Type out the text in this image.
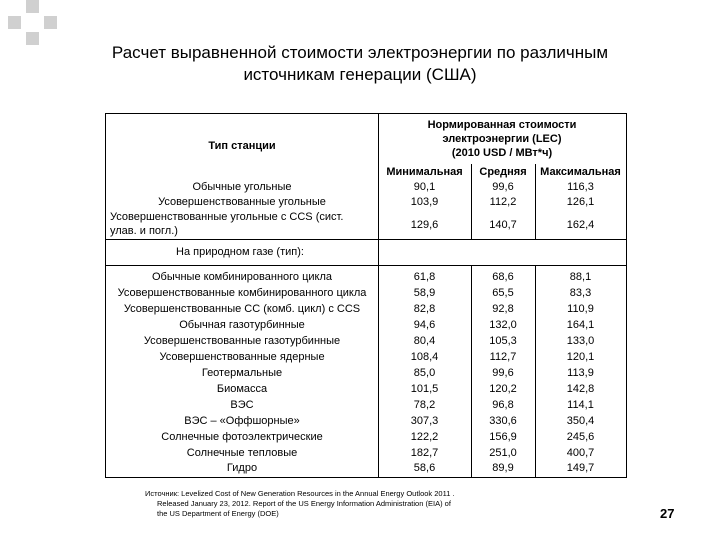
Расчет выравненной стоимости электроэнергии по различным
источникам генерации (США)
Тип станции
Нормированная стоимости
электроэнергии (LEC)
(2010 USD / МВт*ч)
Минимальная	Средняя	Максимальная
Обычные угольные	90,1	99,6	116,3
Усовершенствованные угольные	103,9	112,2	126,1
Усовершенствованные угольные с CCS (сист.
улав. и погл.)	129,6	140,7	162,4
На природном газе (тип):
Обычные комбинированного цикла	61,8	68,6	88,1
Усовершенствованные комбинированного цикла	58,9	65,5	83,3
Усовершенствованные СС (комб. цикл) с CCS	82,8	92,8	110,9
Обычная газотурбинные	94,6	132,0	164,1
Усовершенствованные газотурбинные	80,4	105,3	133,0
Усовершенствованные ядерные	108,4	112,7	120,1
Геотермальные	85,0	99,6	113,9
Биомасса	101,5	120,2	142,8
ВЭС	78,2	96,8	114,1
ВЭС – «Оффшорные»	307,3	330,6	350,4
Солнечные фотоэлектрические	122,2	156,9	245,6
Солнечные тепловые	182,7	251,0	400,7
Гидро	58,6	89,9	149,7
Источник: Levelized Cost of New Generation Resources in the Annual Energy Outlook 2011 .
Released January 23, 2012. Report of the US Energy Information Administration (EIA) of
the US Department of Energy (DOE)	27
